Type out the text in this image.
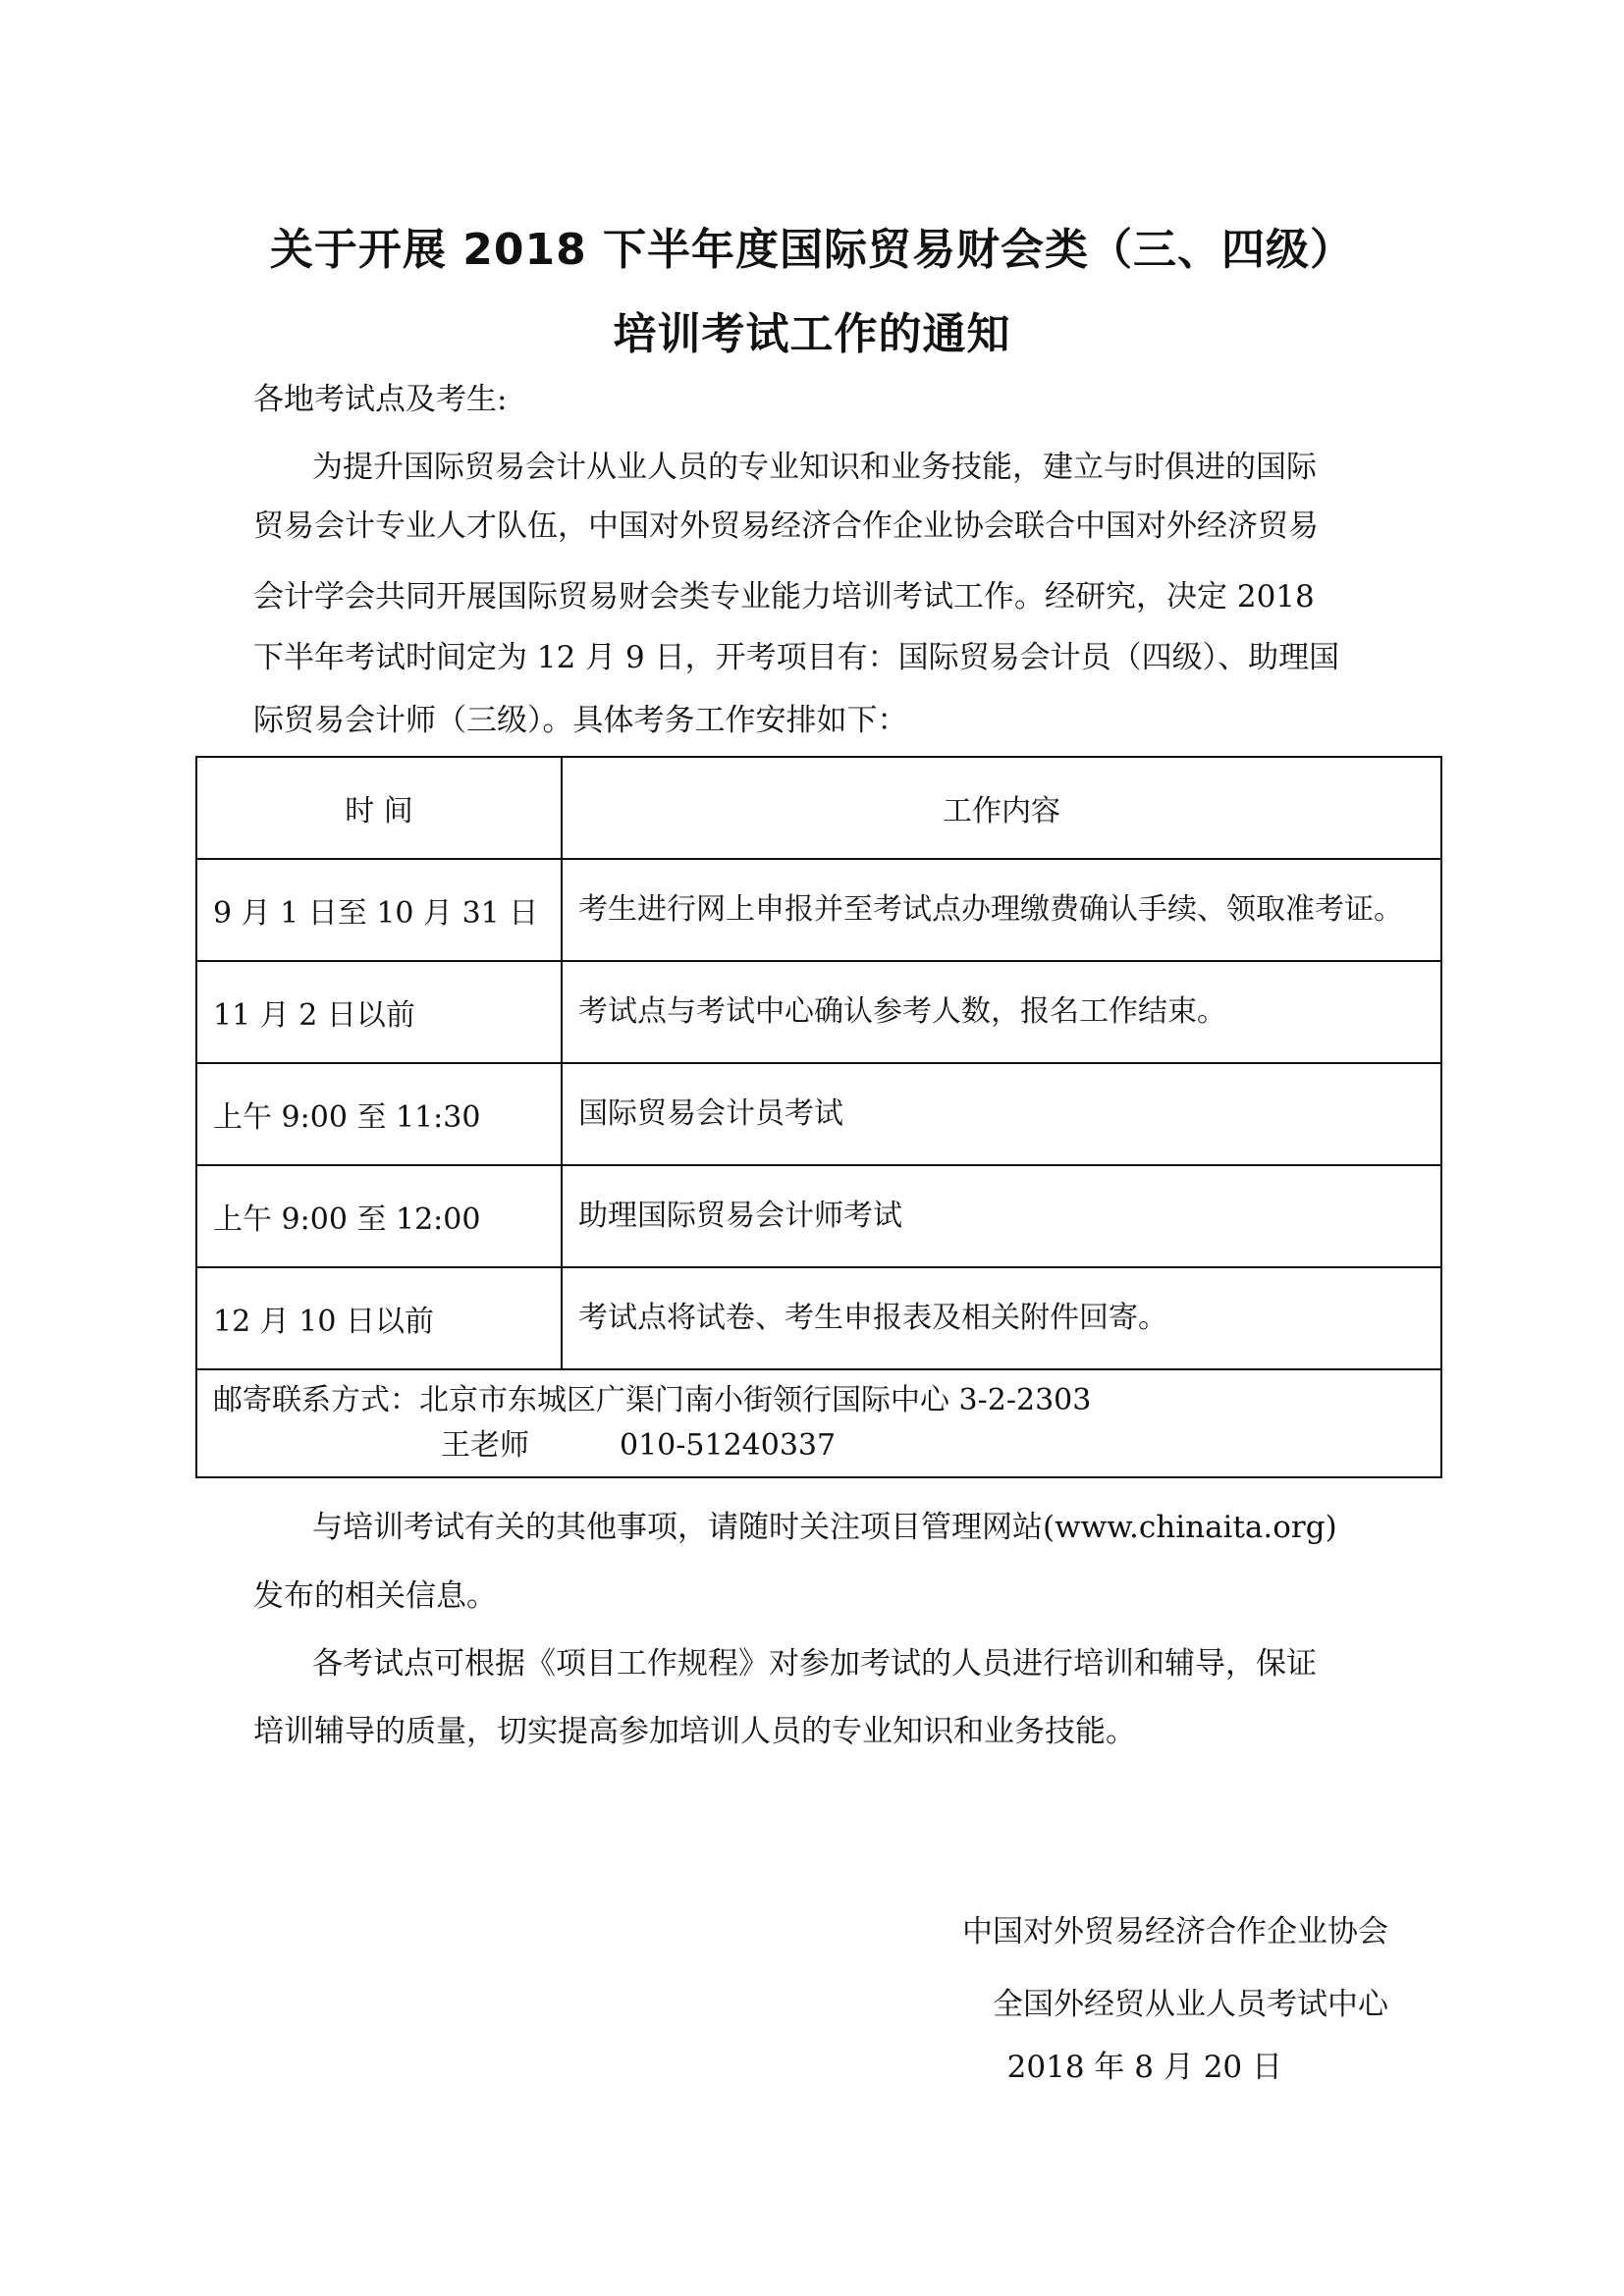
关于开展 2018 下半年度国际贸易财会类（三、四级）
培训考试工作的通知
各地考试点及考生:
为提升国际贸易会计从业人员的专业知识和业务技能，建立与时俱进的国际
贸易会计专业人才队伍，中国对外贸易经济合作企业协会联合中国对外经济贸易
会计学会共同开展国际贸易财会类专业能力培训考试工作。经研究，决定 2018
下半年考试时间定为 12 月 9 日，开考项目有：国际贸易会计员（四级）、助理国
际贸易会计师（三级）。具体考务工作安排如下：
时 间	工作内容
9 月 1 日至 10 月 31 日	考生进行网上申报并至考试点办理缴费确认手续、领取准考证。
11 月 2 日以前	考试点与考试中心确认参考人数，报名工作结束。
上午 9:00 至 11:30	国际贸易会计员考试
上午 9:00 至 12:00	助理国际贸易会计师考试
12 月 10 日以前	考试点将试卷、考生申报表及相关附件回寄。

邮寄联系方式：北京市东城区广渠门南小街领行国际中心 3-2-2303
王老师 010-51240337	
与培训考试有关的其他事项，请随时关注项目管理网站(www.chinaita.org)
发布的相关信息。
各考试点可根据《项目工作规程》对参加考试的人员进行培训和辅导，保证
培训辅导的质量，切实提高参加培训人员的专业知识和业务技能。
中国对外贸易经济合作企业协会
全国外经贸从业人员考试中心
2018 年 8 月 20 日
